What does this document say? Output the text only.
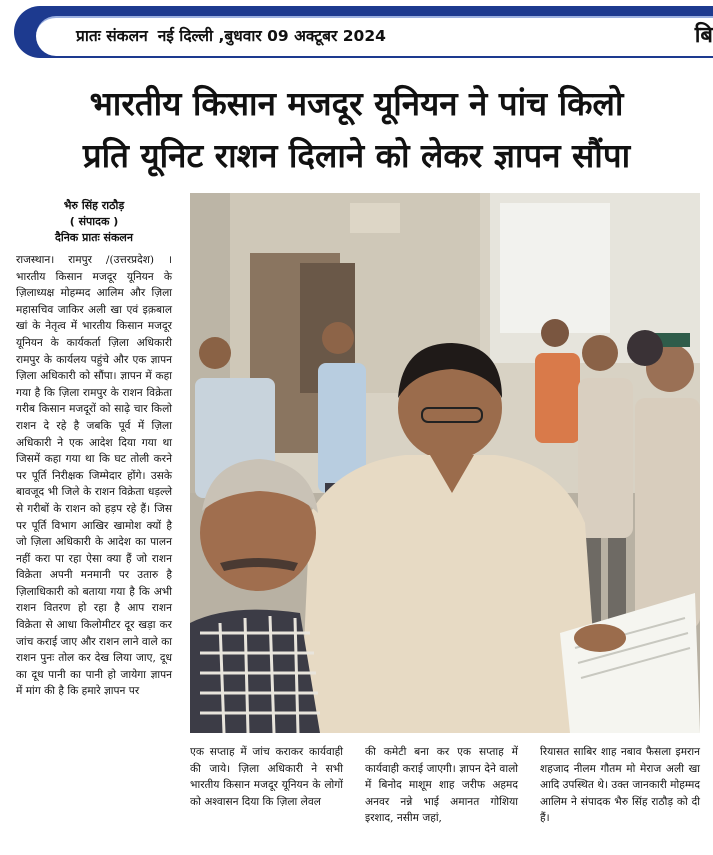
प्रातः संकलन नई दिल्ली ,बुधवार 09 अक्टूबर 2024	बि
भारतीय किसान मजदूर यूनियन ने पांच किलो
प्रति यूनिट राशन दिलाने को लेकर ज्ञापन सौंपा
भैरु सिंह राठौड़
( संपादक )
दैनिक प्रातः संकलन
राजस्थान। रामपुर /(उत्तरप्रदेश) । भारतीय किसान मजदूर यूनियन के ज़िलाध्यक्ष मोहम्मद आलिम और ज़िला महासचिव जाकिर अली खा एवं इक़बाल खां के नेतृत्व में भारतीय किसान मजदूर यूनियन के कार्यकर्ता ज़िला अधिकारी रामपुर के कार्यलय पहुंचे और एक ज्ञापन ज़िला अधिकारी को सौंपा। ज्ञापन में कहा गया है कि ज़िला रामपुर के राशन विक्रेता गरीब किसान मजदूरों को साढ़े चार किलो राशन दे रहे है जबकि पूर्व में ज़िला अधिकारी ने एक आदेश दिया गया था जिसमें कहा गया था कि घट तोली करने पर पूर्ति निरीक्षक जिम्मेदार होंगे। उसके बावजूद भी जिले के राशन विक्रेता धड़ल्ले से गरीबों के राशन को हड़प रहे हैं। जिस पर पूर्ति विभाग आखिर खामोश क्यों है जो ज़िला अधिकारी के आदेश का पालन नहीं करा पा रहा ऐसा क्या हैं जो राशन विक्रेता अपनी मनमानी पर उतारु है ज़िलाधिकारी को बताया गया है कि अभी राशन वितरण हो रहा है आप राशन विक्रेता से आधा किलोमीटर दूर खड़ा कर जांच कराई जाए और राशन लाने वाले का राशन पुनः तोल कर देख लिया जाए, दूध का दूध पानी का पानी हो जायेगा ज्ञापन में मांग की है कि हमारे ज्ञापन पर
एक सप्ताह में जांच कराकर कार्यवाही की जाये। ज़िला अधिकारी ने सभी भारतीय किसान मजदूर यूनियन के लोगों को अश्वासन दिया कि ज़िला लेवल
की कमेटी बना कर एक सप्ताह में कार्यवाही कराई जाएगी। ज्ञापन देने वालो में बिनोद माशूम शाह जरीफ अहमद अनवर नन्ने भाई अमानत गोशिया इरशाद, नसीम जहां,
रियासत साबिर शाह नबाव फैसला इमरान शहजाद नीलम गौतम मो मेराज अली खा आदि उपस्थित थे। उक्त जानकारी मोहम्मद आलिम ने संपादक भैरु सिंह राठौड़ को दी हैं।
